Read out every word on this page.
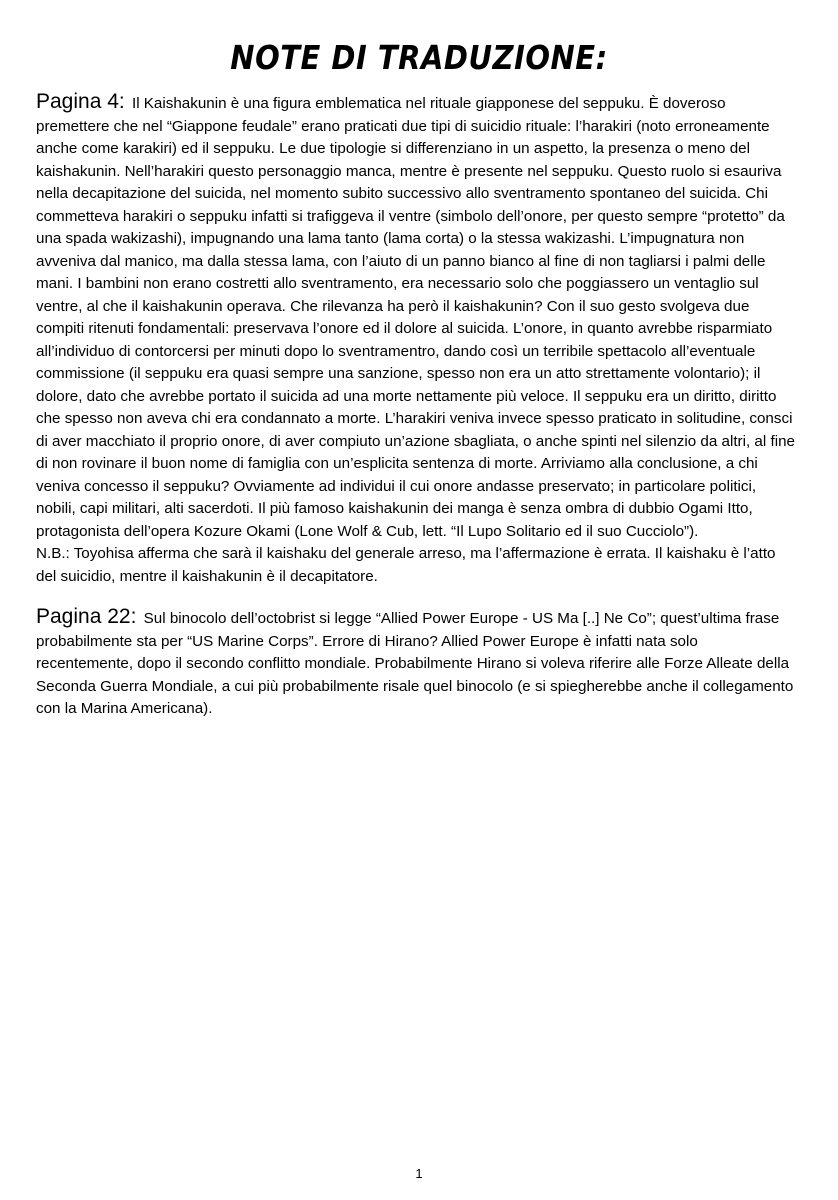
NOTE DI TRADUZIONE:
Pagina 4: Il Kaishakunin è una figura emblematica nel rituale giapponese del seppuku. È doveroso premettere che nel “Giappone feudale” erano praticati due tipi di suicidio rituale: l’harakiri (noto erroneamente anche come karakiri) ed il seppuku. Le due tipologie si differenziano in un aspetto, la presenza o meno del kaishakunin. Nell’harakiri questo personaggio manca, mentre è presente nel seppuku. Questo ruolo si esauriva nella decapitazione del suicida, nel momento subito successivo allo sventramento spontaneo del suicida. Chi commetteva harakiri o seppuku infatti si trafiggeva il ventre (simbolo dell’onore, per questo sempre “protetto” da una spada wakizashi), impugnando una lama tanto (lama corta) o la stessa wakizashi. L’impugnatura non avveniva dal manico, ma dalla stessa lama, con l’aiuto di un panno bianco al fine di non tagliarsi i palmi delle mani. I bambini non erano costretti allo sventramento, era necessario solo che poggiassero un ventaglio sul ventre, al che il kaishakunin operava. Che rilevanza ha però il kaishakunin? Con il suo gesto svolgeva due compiti ritenuti fondamentali: preservava l’onore ed il dolore al suicida. L’onore, in quanto avrebbe risparmiato all’individuo di contorcersi per minuti dopo lo sventramentro, dando così un terribile spettacolo all’eventuale commissione (il seppuku era quasi sempre una sanzione, spesso non era un atto strettamente volontario); il dolore, dato che avrebbe portato il suicida ad una morte nettamente più veloce. Il seppuku era un diritto, diritto che spesso non aveva chi era condannato a morte. L’harakiri veniva invece spesso praticato in solitudine, consci di aver macchiato il proprio onore, di aver compiuto un’azione sbagliata, o anche spinti nel silenzio da altri, al fine di non rovinare il buon nome di famiglia con un’esplicita sentenza di morte. Arriviamo alla conclusione, a chi veniva concesso il seppuku? Ovviamente ad individui il cui onore andasse preservato; in particolare politici, nobili, capi militari, alti sacerdoti. Il più famoso kaishakunin dei manga è senza ombra di dubbio Ogami Itto, protagonista dell’opera Kozure Okami (Lone Wolf & Cub, lett. “Il Lupo Solitario ed il suo Cucciolo”).
N.B.: Toyohisa afferma che sarà il kaishaku del generale arreso, ma l’affermazione è errata. Il kaishaku è l’atto del suicidio, mentre il kaishakunin è il decapitatore.
Pagina 22: Sul binocolo dell’octobrist si legge “Allied Power Europe - US Ma [..] Ne Co”; quest’ultima frase probabilmente sta per “US Marine Corps”. Errore di Hirano? Allied Power Europe è infatti nata solo recentemente, dopo il secondo conflitto mondiale. Probabilmente Hirano si voleva riferire alle Forze Alleate della Seconda Guerra Mondiale, a cui più probabilmente risale quel binocolo (e si spiegherebbe anche il collegamento con la Marina Americana).
1
